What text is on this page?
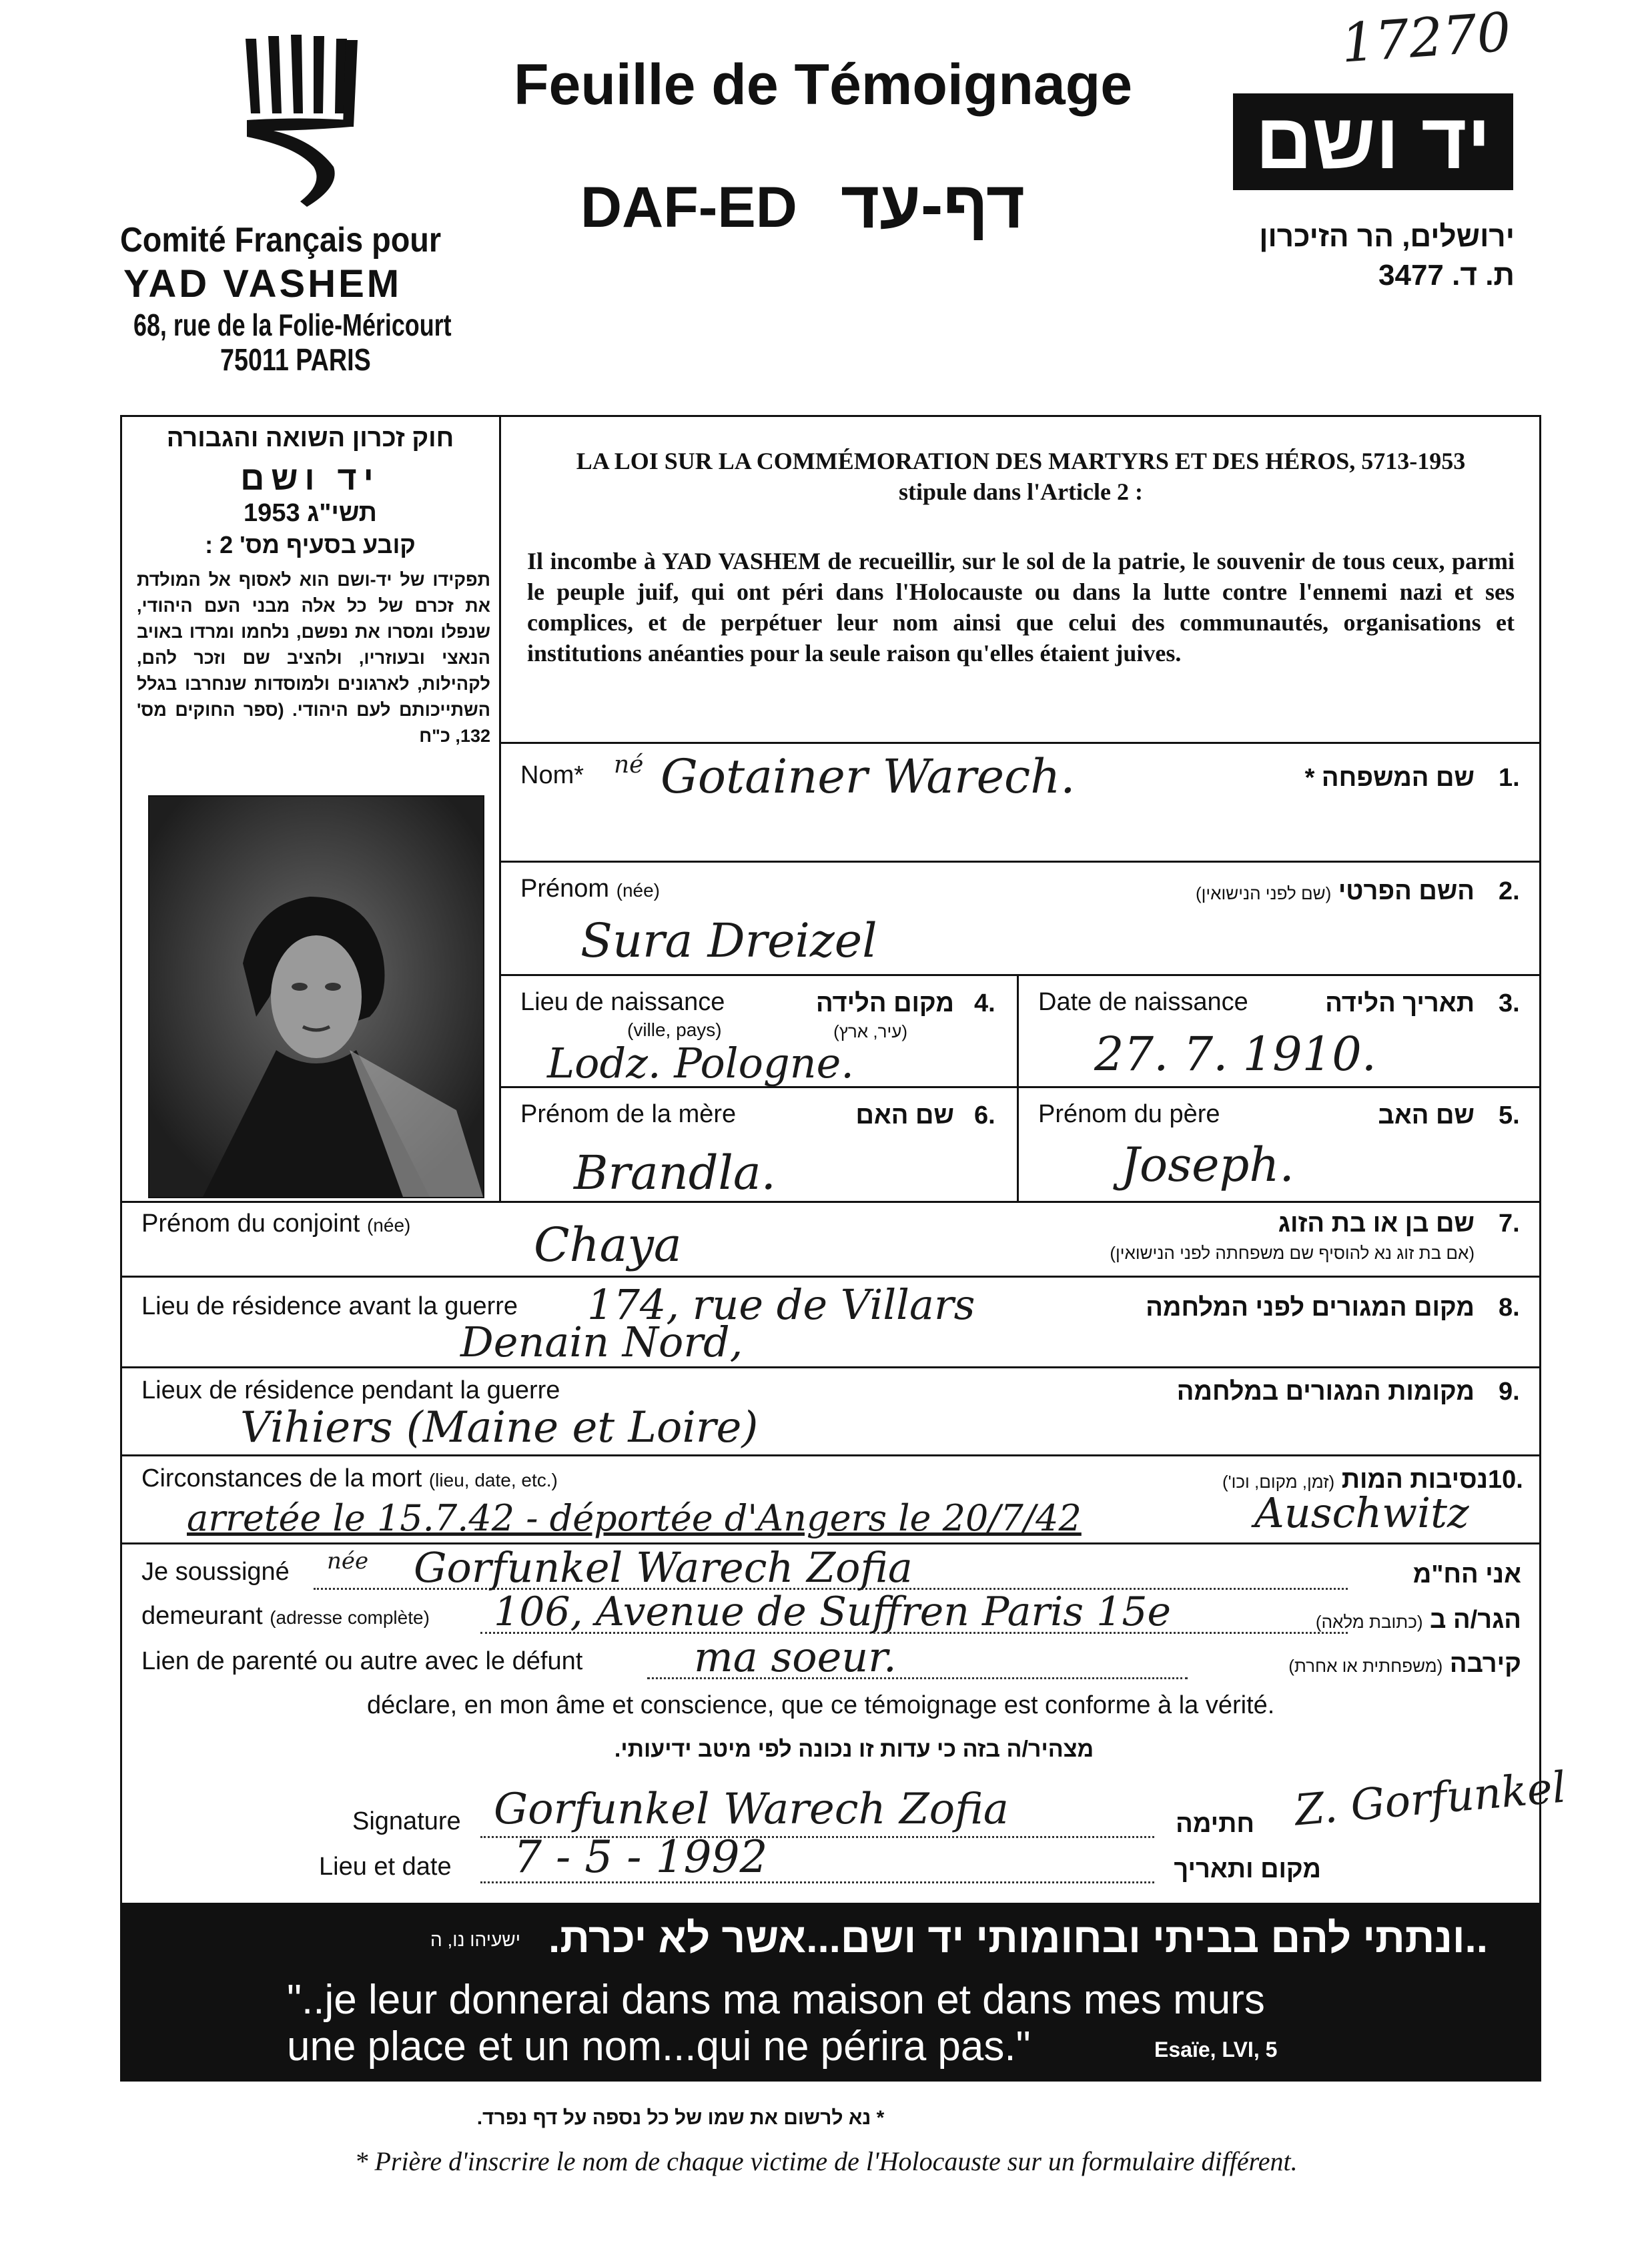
Comité Français pour
YAD VASHEM
68, rue de la Folie-Méricourt
75011 PARIS
Feuille de Témoignage
DAF-ED דף-עד
17270
יד ושם
ירושלים, הר הזיכרון
ת. ד. 3477
חוק זכרון השואה והגבורה
יד ושם
תשי"ג 1953
קובע בסעיף מס' 2 :
תפקידו של יד-ושם הוא לאסוף אל המולדת את זכרם של כל אלה מבני העם היהודי, שנפלו ומסרו את נפשם, נלחמו ומרדו באויב הנאצי ובעוזריו, ולהציב שם וזכר להם, לקהילות, לארגונים ולמוסדות שנחרבו בגלל השתייכותם לעם היהודי. (ספר החוקים מס' 132, כ"ח
LA LOI SUR LA COMMÉMORATION DES MARTYRS ET DES HÉROS, 5713-1953
stipule dans l'Article 2 :
Il incombe à YAD VASHEM de recueillir, sur le sol de la patrie, le souvenir de tous ceux, parmi le peuple juif, qui ont péri dans l'Holocauste ou dans la lutte contre l'ennemi nazi et ses complices, et de perpétuer leur nom ainsi que celui des communautés, organisations et institutions anéanties pour la seule raison qu'elles étaient juives.
Nom* né Gotainer Warech.	שם המשפחה * 1.
Prénom (née)
Sura Dreizel
השם הפרטי (שם לפני הנישואין)	2.
Lieu de naissance
(ville, pays)
מקום הלידה
(עיר, ארץ)
4.
Lodz. Pologne.
Date de naissance	תאריך הלידה 3.
27. 7. 1910.
Prénom de la mère	שם האם 6.
Brandla.
Prénom du père	שם האב 5.
Joseph.
Prénom du conjoint (née)	Chaya	שם בן או בת הזוג
(אם בת זוג נא להוסיף שם משפחתה לפני הנישואין)
7.
Lieu de résidence avant la guerre 174, rue de Villars
Denain Nord,
מקום המגורים לפני המלחמה 8.
Lieux de résidence pendant la guerre
Vihiers (Maine et Loire)
מקומות המגורים במלחמה 9.
Circonstances de la mort (lieu, date, etc.)	נסיבות המות (זמן, מקום, וכו')	10.
arretée le 15.7.42 - déportée d'Angers le 20/7/42	Auschwitz
Je soussigné née Gorfunkel Warech Zofia	אני הח"מ
demeurant (adresse complète) 106, Avenue de Suffren Paris 15e	הגר/ה ב (כתובת מלאה)
Lien de parenté ou autre avec le défunt	ma soeur.	קירבה (משפחתית או אחרת)
déclare, en mon âme et conscience, que ce témoignage est conforme à la vérité.
מצהיר/ה בזה כי עדות זו נכונה לפי מיטב ידיעותי.
Signature Gorfunkel Warech Zofia	חתימה Z. Gorfunkel
Lieu et date 7 - 5 - 1992	מקום ותאריך
..ונתתי להם בביתי ובחומותי יד ושם...אשר לא יכרת.
ישעיהו נו, ה
"..je leur donnerai dans ma maison et dans mes murs
une place et un nom...qui ne périra pas."	Esaïe, LVI, 5
* נא לרשום את שמו של כל נספה על דף נפרד.
* Prière d'inscrire le nom de chaque victime de l'Holocauste sur un formulaire différent.
